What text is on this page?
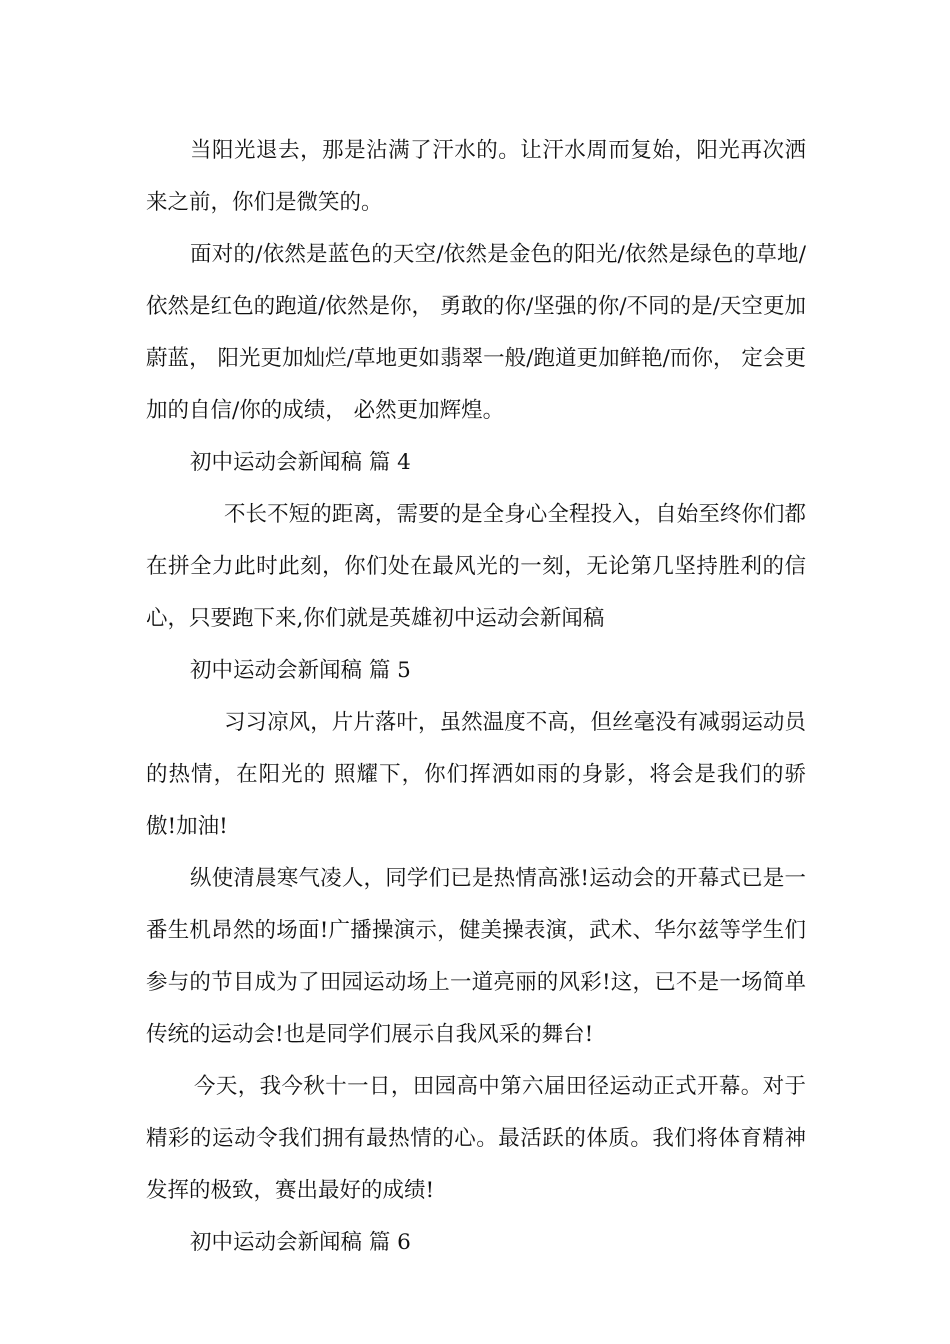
当阳光退去，那是沾满了汗水的。让汗水周而复始，阳光再次洒来之前，你们是微笑的。

面对的/依然是蓝色的天空/依然是金色的阳光/依然是绿色的草地/依然是红色的跑道/依然是你， 勇敢的你/坚强的你/不同的是/天空更加蔚蓝， 阳光更加灿烂/草地更如翡翠一般/跑道更加鲜艳/而你， 定会更加的自信/你的成绩， 必然更加辉煌。

初中运动会新闻稿 篇 4

不长不短的距离，需要的是全身心全程投入，自始至终你们都在拼全力此时此刻，你们处在最风光的一刻，无论第几坚持胜利的信心，只要跑下来,你们就是英雄初中运动会新闻稿

初中运动会新闻稿 篇 5

习习凉风，片片落叶，虽然温度不高，但丝毫没有减弱运动员的热情，在阳光的 照耀下，你们挥洒如雨的身影，将会是我们的骄傲!加油!

纵使清晨寒气凌人，同学们已是热情高涨!运动会的开幕式已是一番生机昂然的场面!广播操演示，健美操表演，武术、华尔兹等学生们参与的节目成为了田园运动场上一道亮丽的风彩!这，已不是一场简单传统的运动会!也是同学们展示自我风采的舞台!

今天，我今秋十一日，田园高中第六届田径运动正式开幕。对于精彩的运动令我们拥有最热情的心。最活跃的体质。我们将体育精神发挥的极致，赛出最好的成绩!

初中运动会新闻稿 篇 6
